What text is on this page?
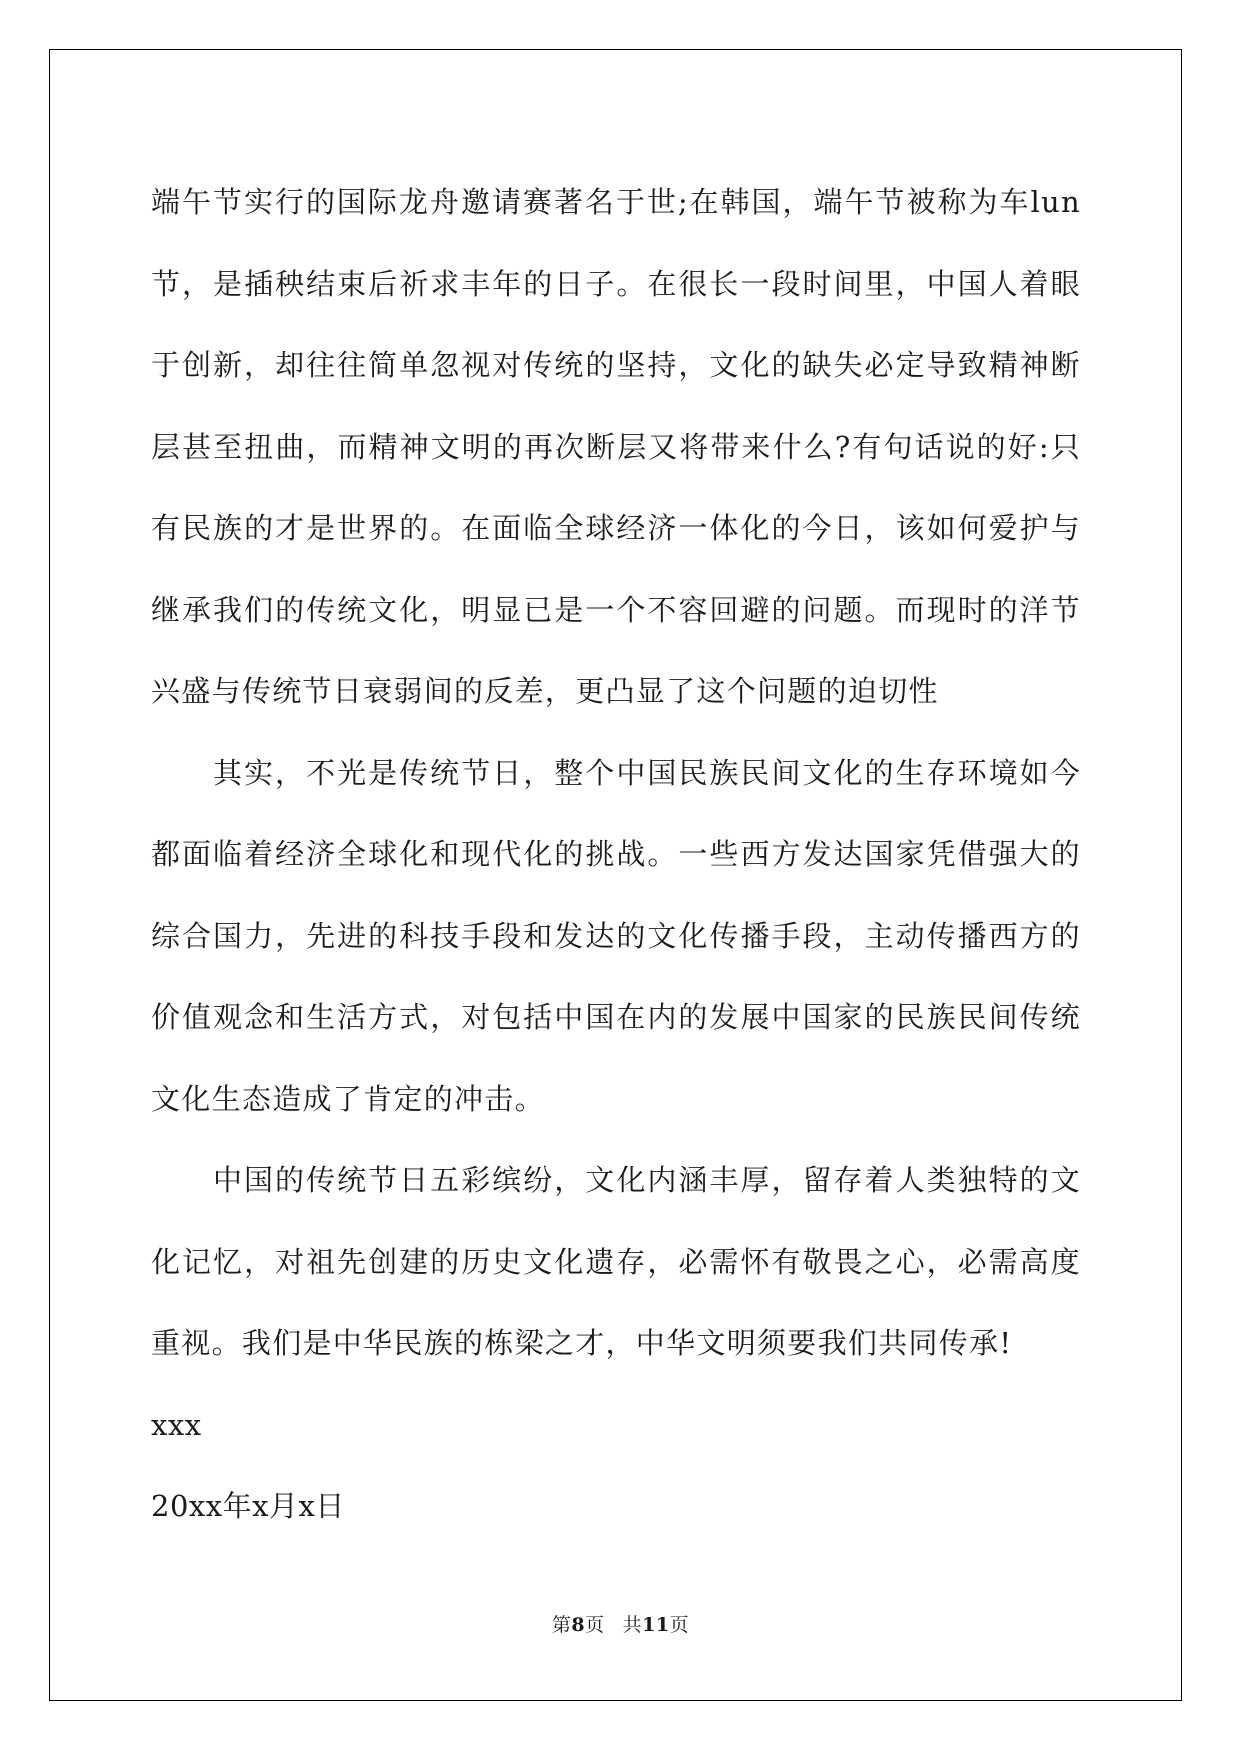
端午节实行的国际龙舟邀请赛著名于世;在韩国，端午节被称为车lun节，是插秧结束后祈求丰年的日子。在很长一段时间里，中国人着眼于创新，却往往简单忽视对传统的坚持，文化的缺失必定导致精神断层甚至扭曲，而精神文明的再次断层又将带来什么?有句话说的好:只有民族的才是世界的。在面临全球经济一体化的今日，该如何爱护与继承我们的传统文化，明显已是一个不容回避的问题。而现时的洋节兴盛与传统节日衰弱间的反差，更凸显了这个问题的迫切性

其实，不光是传统节日，整个中国民族民间文化的生存环境如今都面临着经济全球化和现代化的挑战。一些西方发达国家凭借强大的综合国力，先进的科技手段和发达的文化传播手段，主动传播西方的价值观念和生活方式，对包括中国在内的发展中国家的民族民间传统文化生态造成了肯定的冲击。

中国的传统节日五彩缤纷，文化内涵丰厚，留存着人类独特的文化记忆，对祖先创建的历史文化遗存，必需怀有敬畏之心，必需高度重视。我们是中华民族的栋梁之才，中华文明须要我们共同传承!

xxx

20xx年x月x日

第8页 共11页
